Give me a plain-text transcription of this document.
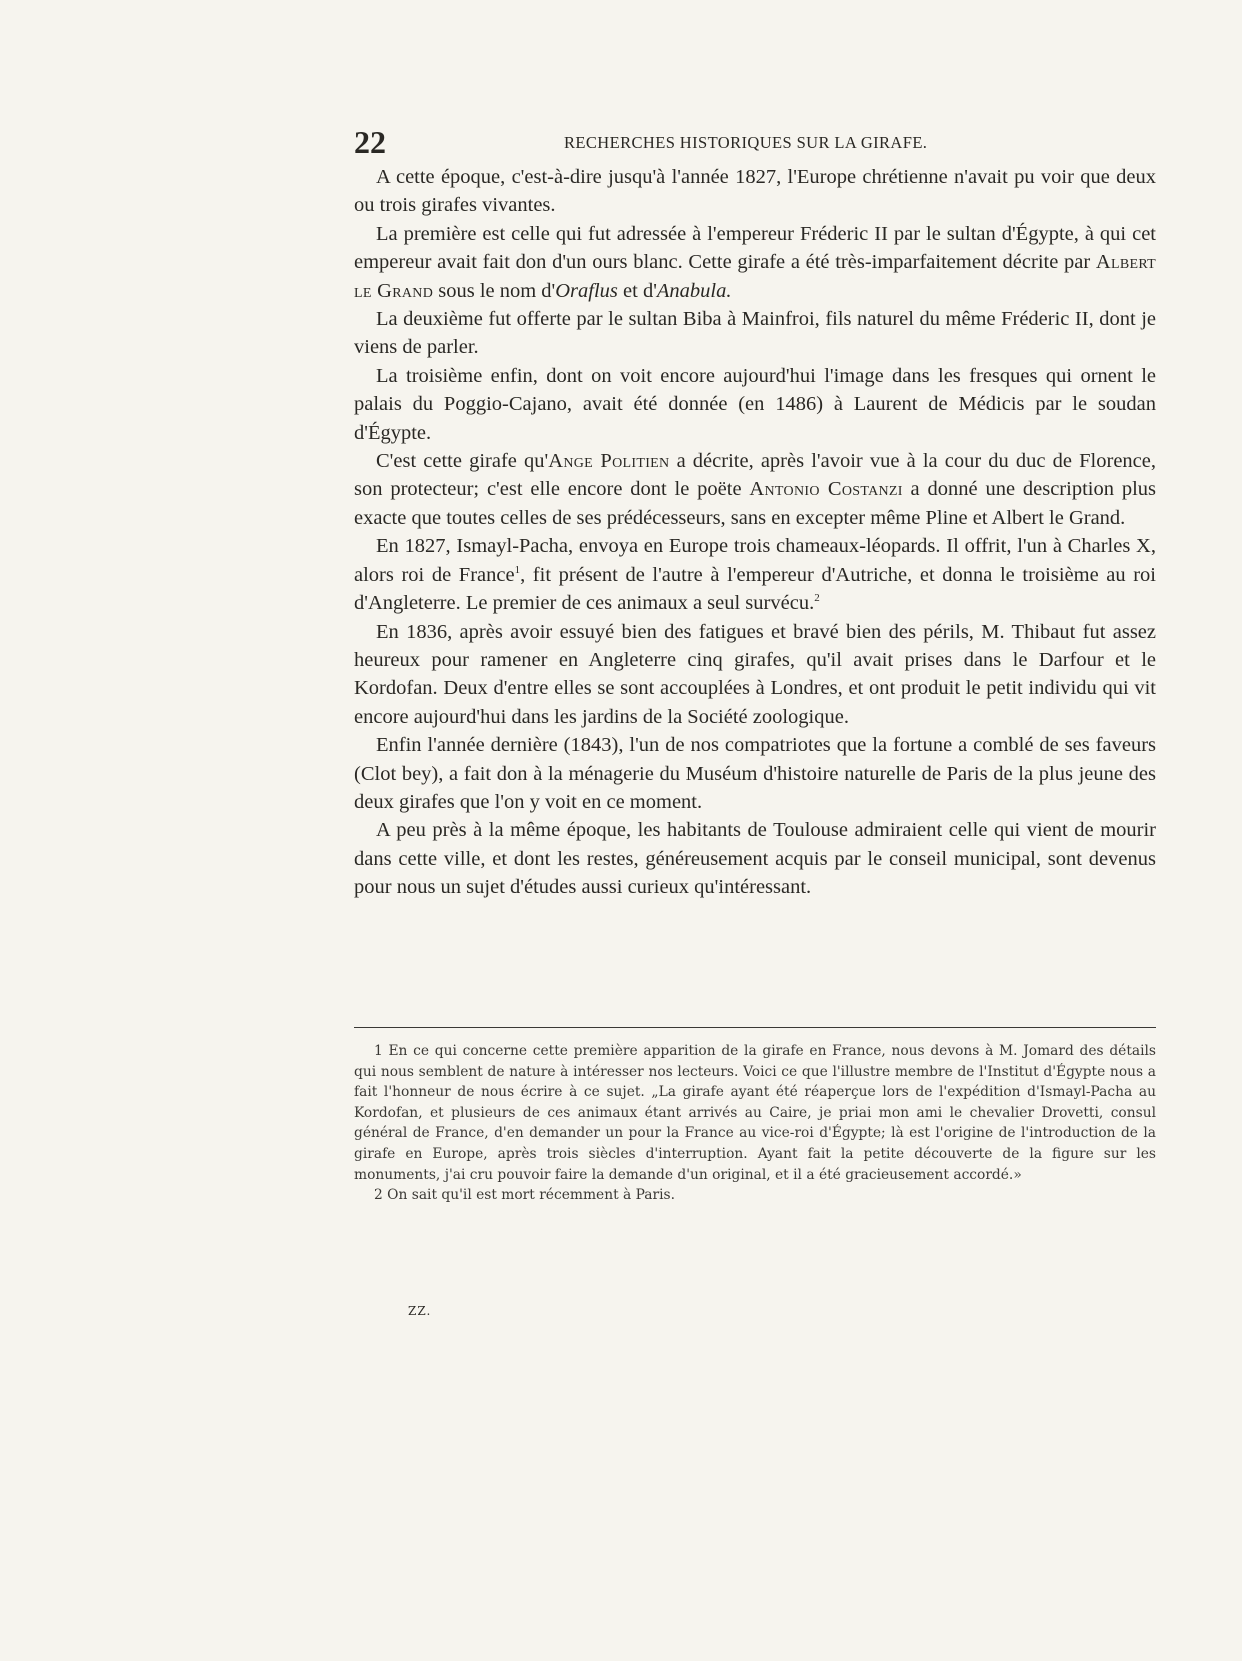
22	RECHERCHES HISTORIQUES SUR LA GIRAFE.

A cette époque, c'est-à-dire jusqu'à l'année 1827, l'Europe chrétienne n'avait pu voir que deux ou trois girafes vivantes.

La première est celle qui fut adressée à l'empereur Fréderic II par le sultan d'Égypte, à qui cet empereur avait fait don d'un ours blanc. Cette girafe a été très-imparfaitement décrite par Albert le Grand sous le nom d'Oraflus et d'Anabula.

La deuxième fut offerte par le sultan Biba à Mainfroi, fils naturel du même Fréderic II, dont je viens de parler.

La troisième enfin, dont on voit encore aujourd'hui l'image dans les fresques qui ornent le palais du Poggio-Cajano, avait été donnée (en 1486) à Laurent de Médicis par le soudan d'Égypte.

C'est cette girafe qu'Ange Politien a décrite, après l'avoir vue à la cour du duc de Florence, son protecteur; c'est elle encore dont le poëte Antonio Costanzi a donné une description plus exacte que toutes celles de ses prédécesseurs, sans en excepter même Pline et Albert le Grand.

En 1827, Ismayl-Pacha, envoya en Europe trois chameaux-léopards. Il offrit, l'un à Charles X, alors roi de France$^1$, fit présent de l'autre à l'empereur d'Autriche, et donna le troisième au roi d'Angleterre. Le premier de ces animaux a seul survécu.$^2$

En 1836, après avoir essuyé bien des fatigues et bravé bien des périls, M. Thibaut fut assez heureux pour ramener en Angleterre cinq girafes, qu'il avait prises dans le Darfour et le Kordofan. Deux d'entre elles se sont accouplées à Londres, et ont produit le petit individu qui vit encore aujourd'hui dans les jardins de la Société zoologique.

Enfin l'année dernière (1843), l'un de nos compatriotes que la fortune a comblé de ses faveurs (Clot bey), a fait don à la ménagerie du Muséum d'histoire naturelle de Paris de la plus jeune des deux girafes que l'on y voit en ce moment.

A peu près à la même époque, les habitants de Toulouse admiraient celle qui vient de mourir dans cette ville, et dont les restes, généreusement acquis par le conseil municipal, sont devenus pour nous un sujet d'études aussi curieux qu'intéressant.

1 En ce qui concerne cette première apparition de la girafe en France, nous devons à M. Jomard des détails qui nous semblent de nature à intéresser nos lecteurs. Voici ce que l'illustre membre de l'Institut d'Égypte nous a fait l'honneur de nous écrire à ce sujet. „La girafe ayant été réaperçue lors de l'expédition d'Ismayl-Pacha au Kordofan, et plusieurs de ces animaux étant arrivés au Caire, je priai mon ami le chevalier Drovetti, consul général de France, d'en demander un pour la France au vice-roi d'Égypte; là est l'origine de l'introduction de la girafe en Europe, après trois siècles d'interruption. Ayant fait la petite découverte de la figure sur les monuments, j'ai cru pouvoir faire la demande d'un original, et il a été gracieusement accordé.»

2 On sait qu'il est mort récemment à Paris.

ZZ.
